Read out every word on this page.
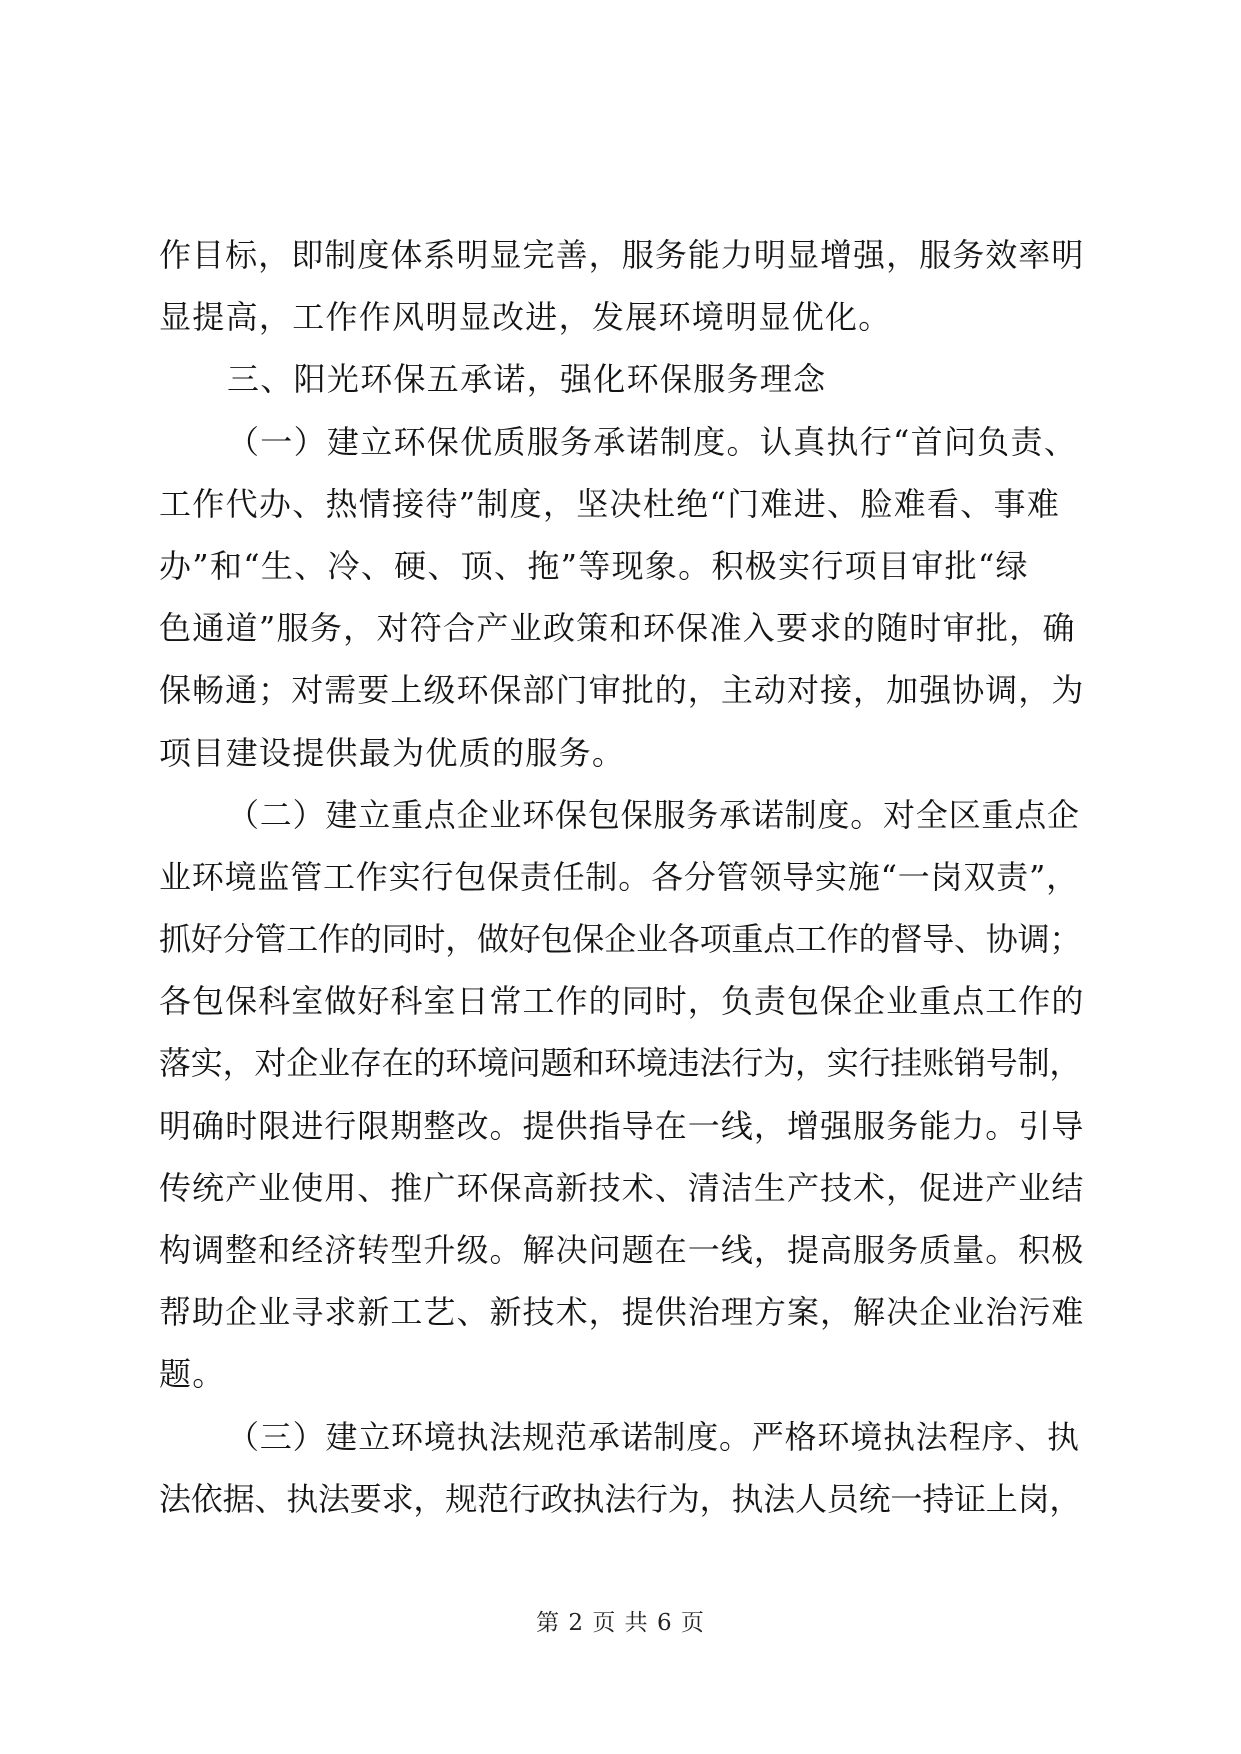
作目标，即制度体系明显完善，服务能力明显增强，服务效率明
显提高，工作作风明显改进，发展环境明显优化。
三、阳光环保五承诺，强化环保服务理念
（一）建立环保优质服务承诺制度。认真执行“首问负责、
工作代办、热情接待”制度，坚决杜绝“门难进、脸难看、事难
办”和“生、冷、硬、顶、拖”等现象。积极实行项目审批“绿
色通道”服务，对符合产业政策和环保准入要求的随时审批，确
保畅通；对需要上级环保部门审批的，主动对接，加强协调，为
项目建设提供最为优质的服务。
（二）建立重点企业环保包保服务承诺制度。对全区重点企
业环境监管工作实行包保责任制。各分管领导实施“一岗双责”，
抓好分管工作的同时，做好包保企业各项重点工作的督导、协调；
各包保科室做好科室日常工作的同时，负责包保企业重点工作的
落实，对企业存在的环境问题和环境违法行为，实行挂账销号制，
明确时限进行限期整改。提供指导在一线，增强服务能力。引导
传统产业使用、推广环保高新技术、清洁生产技术，促进产业结
构调整和经济转型升级。解决问题在一线，提高服务质量。积极
帮助企业寻求新工艺、新技术，提供治理方案，解决企业治污难
题。
（三）建立环境执法规范承诺制度。严格环境执法程序、执
法依据、执法要求，规范行政执法行为，执法人员统一持证上岗，
第 2 页 共 6 页
